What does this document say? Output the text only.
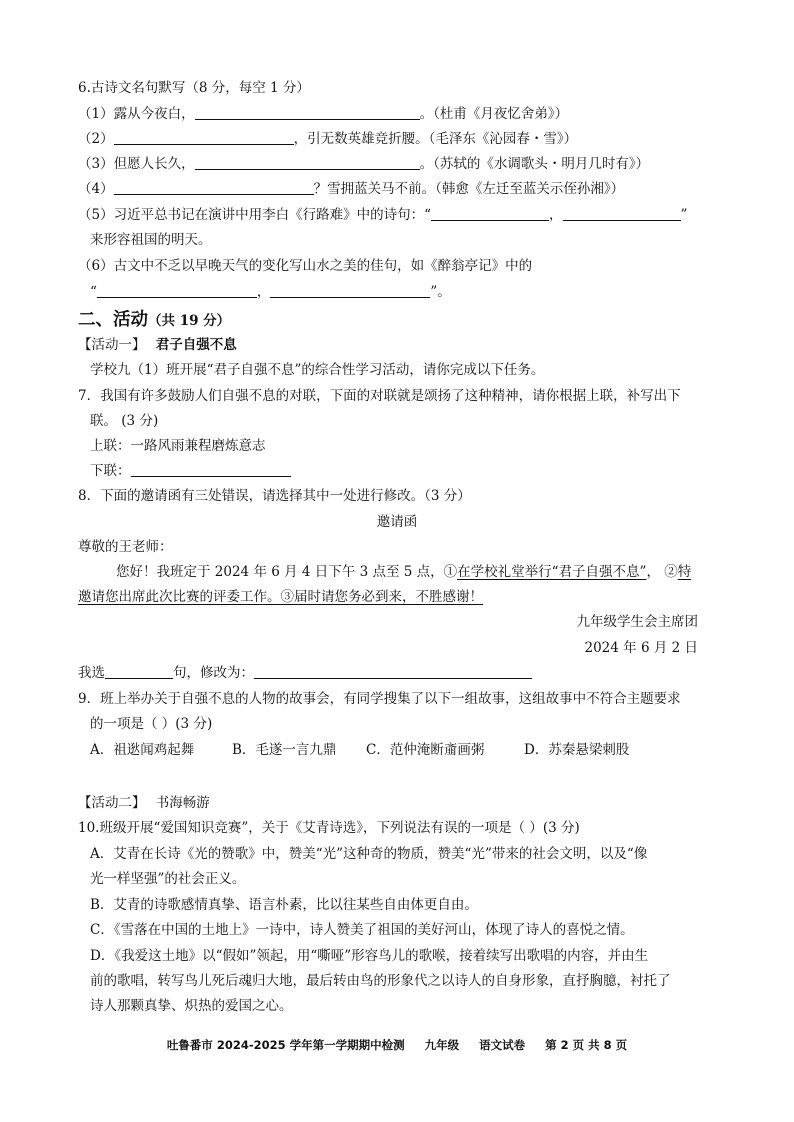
6.古诗文名句默写（8 分，每空 1 分）
（1）露从今夜白，	。（杜甫《月夜忆舍弟》）
（2）	，引无数英雄竞折腰。（毛泽东《沁园春・雪》）
（3）但愿人长久，	。（苏轼的《水调歌头・明月几时有》）
（4）	？雪拥蓝关马不前。（韩愈《左迁至蓝关示侄孙湘》）
（5）习近平总书记在演讲中用李白《行路难》中的诗句：“	，	”
来形容祖国的明天。
（6）古文中不乏以早晚天气的变化写山水之美的佳句，如《醉翁亭记》中的
“	，	”。
二、活动（共 19 分）
【活动一】 君子自强不息
学校九（1）班开展“君子自强不息”的综合性学习活动，请你完成以下任务。
7．我国有许多鼓励人们自强不息的对联，下面的对联就是颂扬了这种精神，请你根据上联，补写出下
联。 (3 分)
上联：一路风雨兼程磨炼意志
下联：
8．下面的邀请函有三处错误，请选择其中一处进行修改。（3 分）
邀请函
尊敬的王老师：
您好！我班定于 2024 年 6 月 4 日下午 3 点至 5 点，①在学校礼堂举行“君子自强不息”， ②特
邀请您出席此次比赛的评委工作。③届时请您务必到来，不胜感谢！
九年级学生会主席团
2024 年 6 月 2 日
我选	句，修改为：
9．班上举办关于自强不息的人物的故事会，有同学搜集了以下一组故事，这组故事中不符合主题要求
的一项是（ ）(3 分)
A．祖逖闻鸡起舞	B．毛遂一言九鼎 C．范仲淹断齑画粥	D．苏秦悬梁刺股
【活动二】 书海畅游
10.班级开展“爱国知识竞赛”，关于《艾青诗选》，下列说法有误的一项是（ ）(3 分)
A．艾青在长诗《光的赞歌》中，赞美“光”这种奇的物质，赞美“光”带来的社会文明，以及“像
光一样坚强”的社会正义。
B．艾青的诗歌感情真挚、语言朴素，比以往某些自由体更自由。
C．《雪落在中国的土地上》一诗中，诗人赞美了祖国的美好河山，体现了诗人的喜悦之情。
D．《我爱这土地》以“假如”领起，用“嘶哑”形容鸟儿的歌喉，接着续写出歌唱的内容，并由生
前的歌唱，转写鸟儿死后魂归大地，最后转由鸟的形象代之以诗人的自身形象，直抒胸臆，衬托了
诗人那颗真挚、炽热的爱国之心。
吐鲁番市 2024-2025 学年第一学期期中检测 九年级 语文试卷 第 2 页 共 8 页
